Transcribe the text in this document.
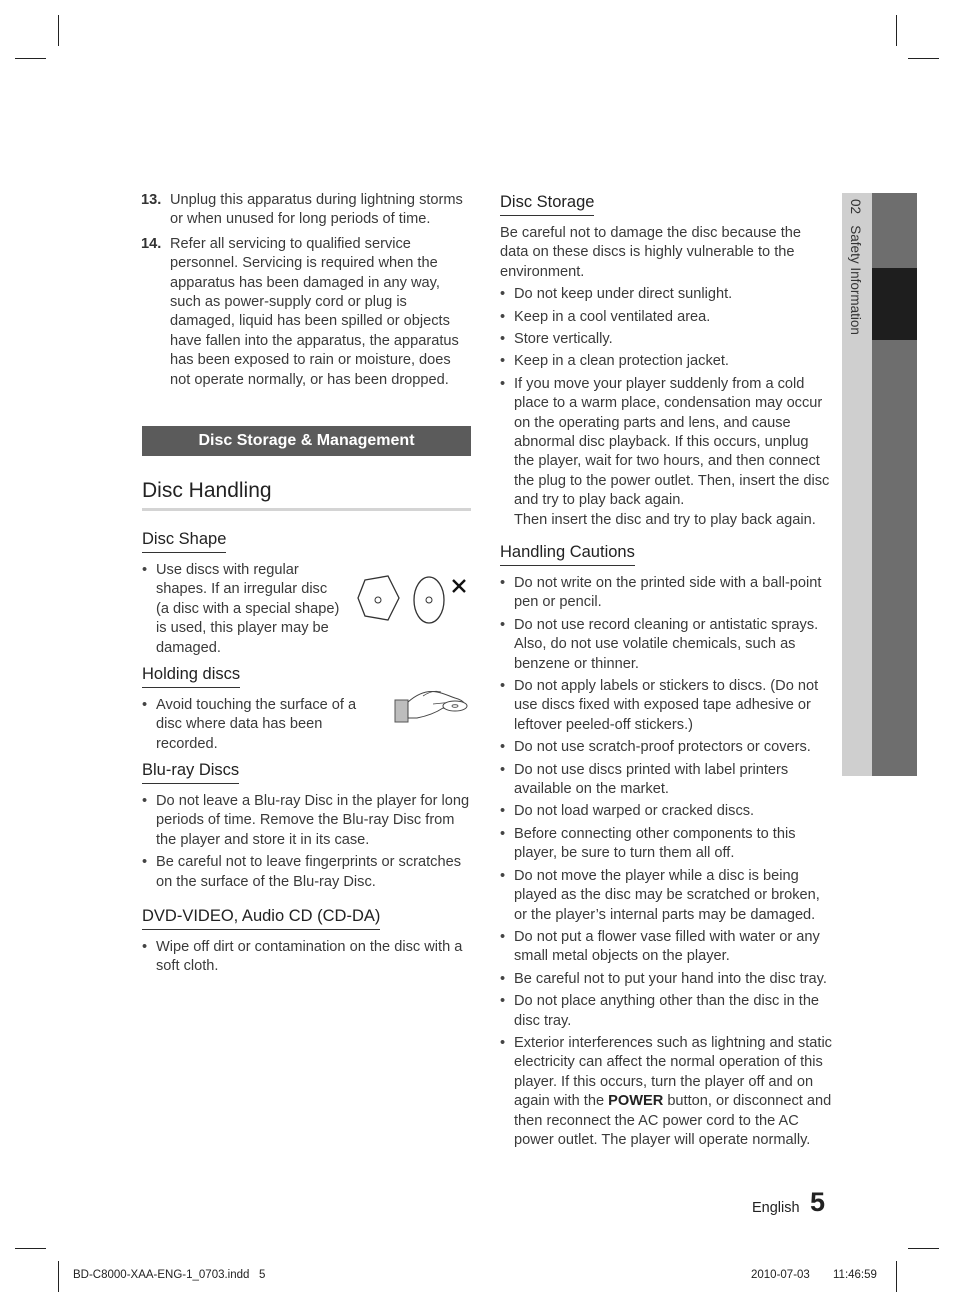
13. Unplug this apparatus during lightning storms or when unused for long periods of time.
14. Refer all servicing to qualified service personnel. Servicing is required when the apparatus has been damaged in any way, such as power-supply cord or plug is damaged, liquid has been spilled or objects have fallen into the apparatus, the apparatus has been exposed to rain or moisture, does not operate normally, or has been dropped.
Disc Storage & Management
Disc Handling
Disc Shape
• Use discs with regular shapes. If an irregular disc (a disc with a special shape) is used, this player may be damaged.
Holding discs
• Avoid touching the surface of a disc where data has been recorded.
Blu-ray Discs
• Do not leave a Blu-ray Disc in the player for long periods of time. Remove the Blu-ray Disc from the player and store it in its case.
• Be careful not to leave fingerprints or scratches on the surface of the Blu-ray Disc.
DVD-VIDEO, Audio CD (CD-DA)
• Wipe off dirt or contamination on the disc with a soft cloth.
Disc Storage
Be careful not to damage the disc because the data on these discs is highly vulnerable to the environment.
• Do not keep under direct sunlight.
• Keep in a cool ventilated area.
• Store vertically.
• Keep in a clean protection jacket.
• If you move your player suddenly from a cold place to a warm place, condensation may occur on the operating parts and lens, and cause abnormal disc playback. If this occurs, unplug the player, wait for two hours, and then connect the plug to the power outlet. Then, insert the disc and try to play back again.
Then insert the disc and try to play back again.
Handling Cautions
• Do not write on the printed side with a ball-point pen or pencil.
• Do not use record cleaning or antistatic sprays. Also, do not use volatile chemicals, such as benzene or thinner.
• Do not apply labels or stickers to discs. (Do not use discs fixed with exposed tape adhesive or leftover peeled-off stickers.)
• Do not use scratch-proof protectors or covers.
• Do not use discs printed with label printers available on the market.
• Do not load warped or cracked discs.
• Before connecting other components to this player, be sure to turn them all off.
• Do not move the player while a disc is being played as the disc may be scratched or broken, or the player’s internal parts may be damaged.
• Do not put a flower vase filled with water or any small metal objects on the player.
• Be careful not to put your hand into the disc tray.
• Do not place anything other than the disc in the disc tray.
• Exterior interferences such as lightning and static electricity can affect the normal operation of this player. If this occurs, turn the player off and on again with the POWER button, or disconnect and then reconnect the AC power cord to the AC power outlet. The player will operate normally.
02   Safety Information
English 5
BD-C8000-XAA-ENG-1_0703.indd   5	2010-07-03 11:46:59
